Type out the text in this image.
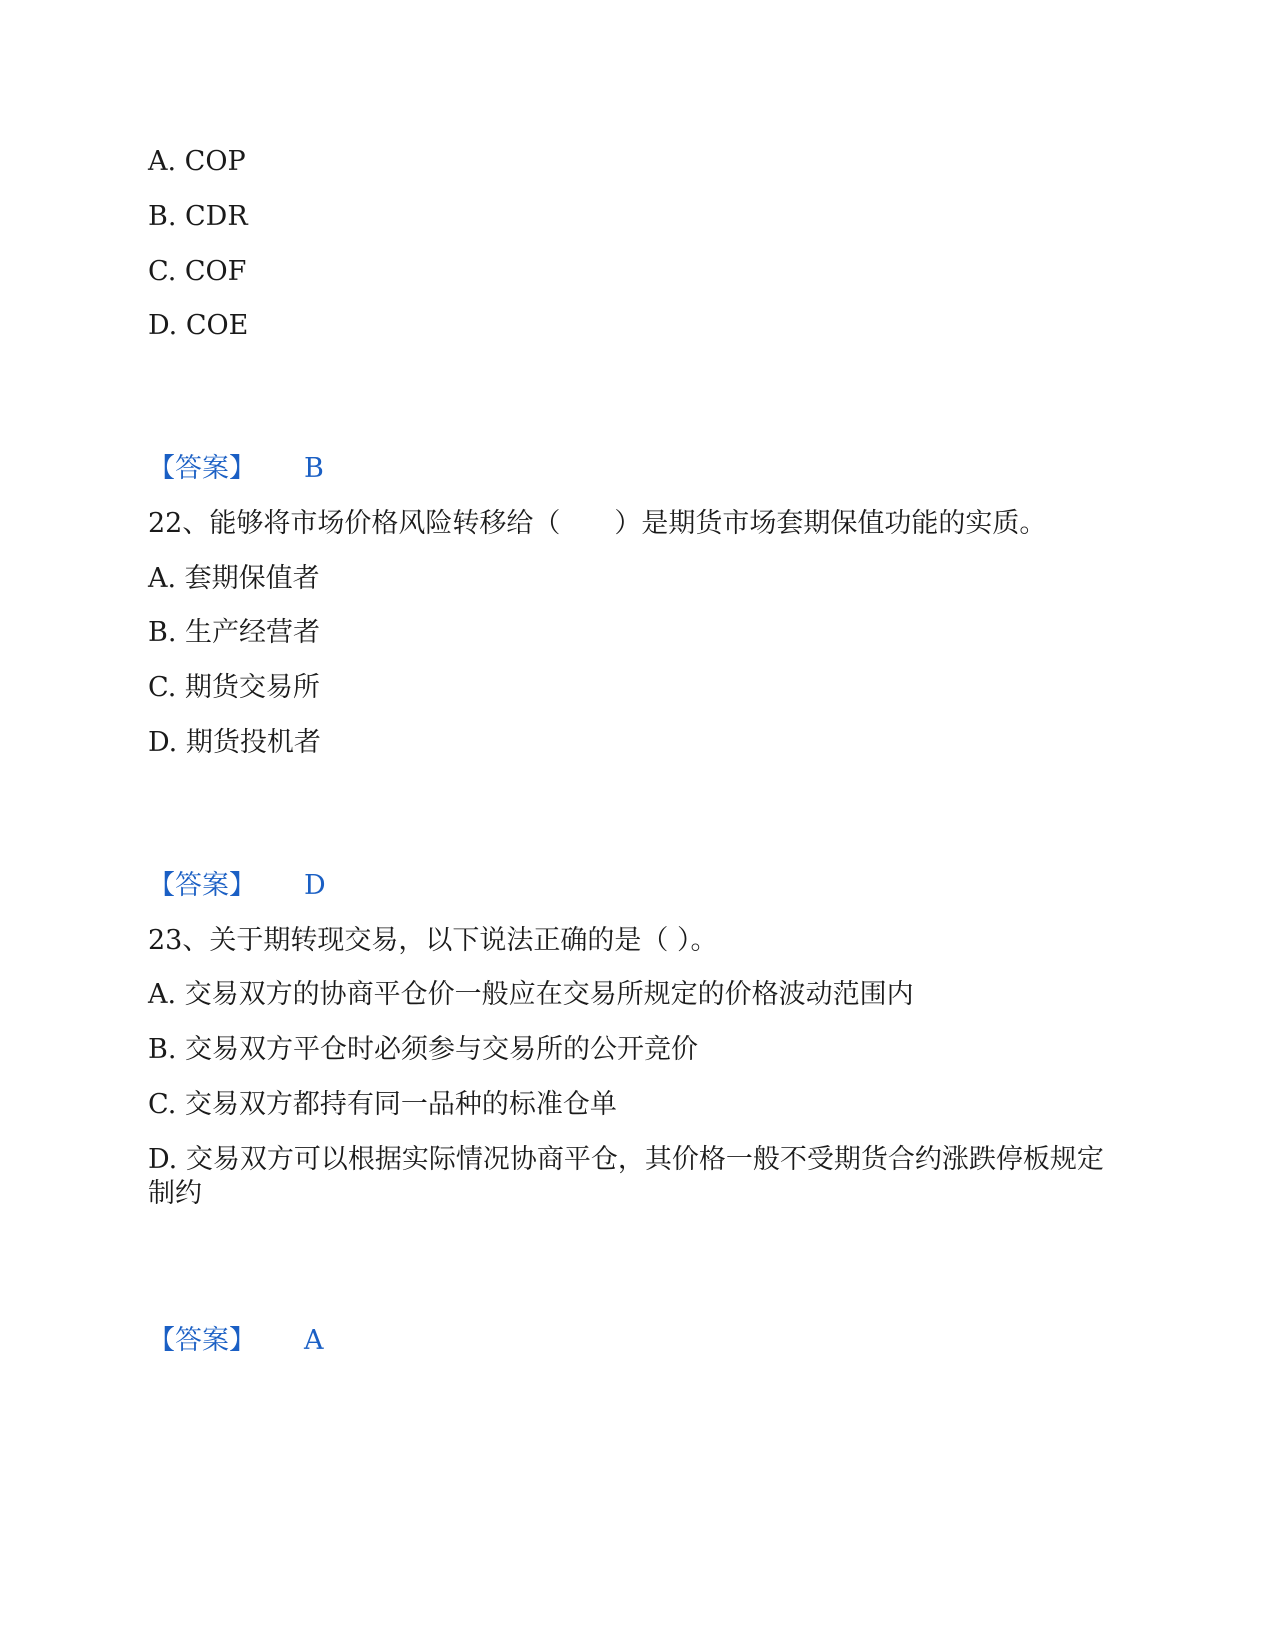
A. COP
B. CDR
C. COF
D. COE
【答案】 B
22、能够将市场价格风险转移给（　　）是期货市场套期保值功能的实质。
A. 套期保值者
B. 生产经营者
C. 期货交易所
D. 期货投机者
【答案】 D
23、关于期转现交易，以下说法正确的是（ ）。
A. 交易双方的协商平仓价一般应在交易所规定的价格波动范围内
B. 交易双方平仓时必须参与交易所的公开竞价
C. 交易双方都持有同一品种的标准仓单
D. 交易双方可以根据实际情况协商平仓，其价格一般不受期货合约涨跌停板规定制约
【答案】 A
